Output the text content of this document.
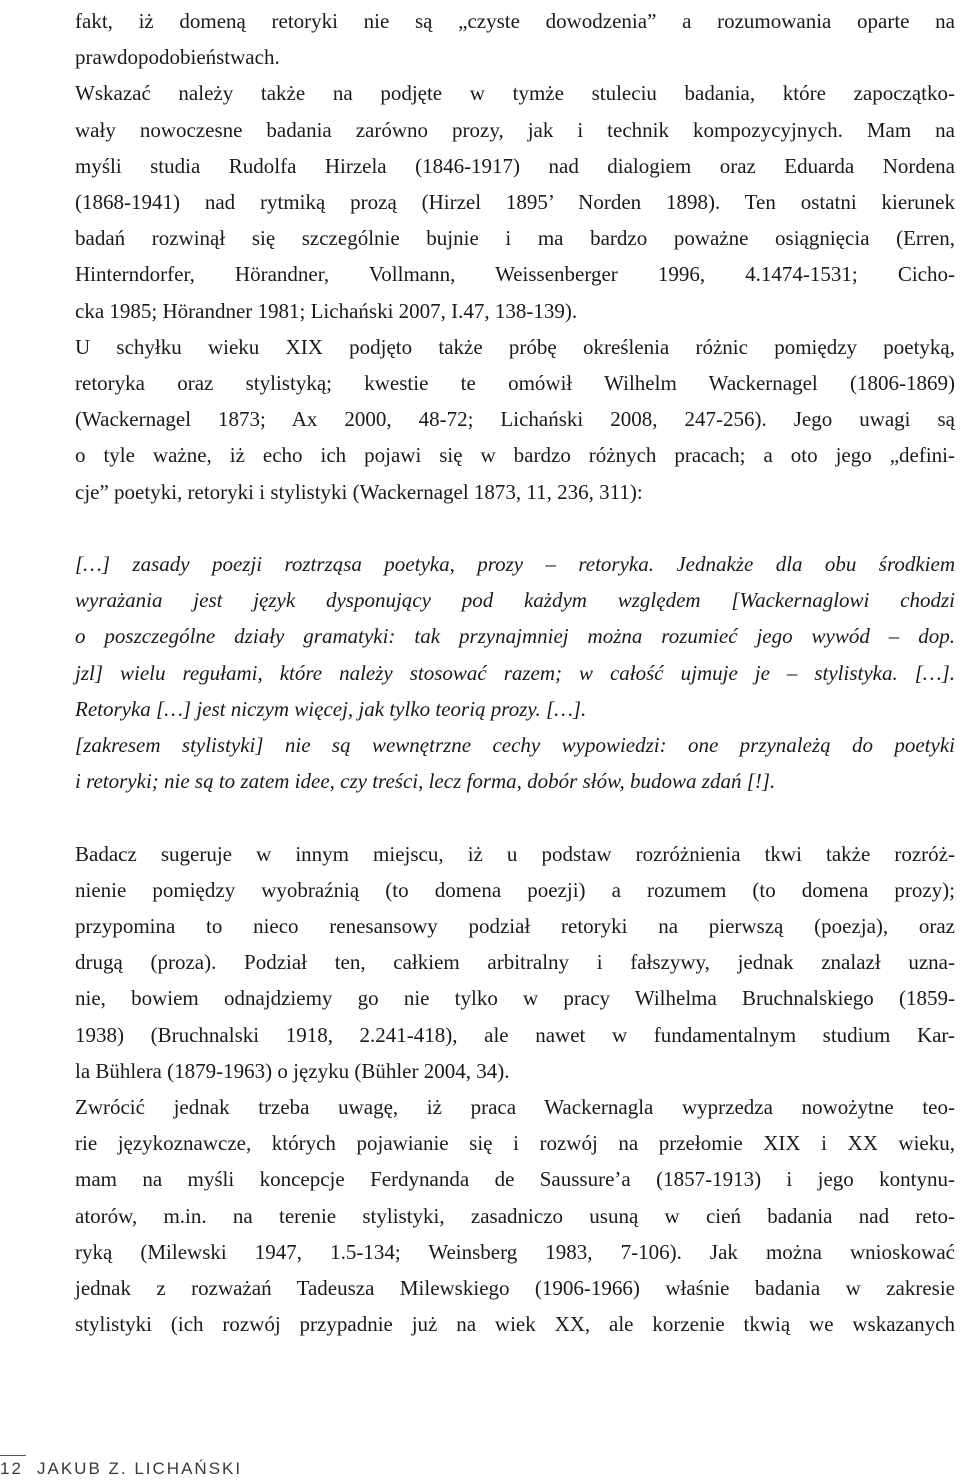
fakt, iż domeną retoryki nie są „czyste dowodzenia” a rozumowania oparte na
prawdopodobieństwach.
Wskazać należy także na podjęte w tymże stuleciu badania, które zapoczątko-
wały nowoczesne badania zarówno prozy, jak i technik kompozycyjnych. Mam na
myśli studia Rudolfa Hirzela (1846-1917) nad dialogiem oraz Eduarda Nordena
(1868-1941) nad rytmiką prozą (Hirzel 1895’ Norden 1898). Ten ostatni kierunek
badań rozwinął się szczególnie bujnie i ma bardzo poważne osiągnięcia (Erren,
Hinterndorfer, Hörandner, Vollmann, Weissenberger 1996, 4.1474-1531; Cicho-
cka 1985; Hörandner 1981; Lichański 2007, I.47, 138-139).
U schyłku wieku XIX podjęto także próbę określenia różnic pomiędzy poetyką,
retoryka oraz stylistyką; kwestie te omówił Wilhelm Wackernagel (1806-1869)
(Wackernagel 1873; Ax 2000, 48-72; Lichański 2008, 247-256). Jego uwagi są
o tyle ważne, iż echo ich pojawi się w bardzo różnych pracach; a oto jego „defini-
cje” poetyki, retoryki i stylistyki (Wackernagel 1873, 11, 236, 311):
[…] zasady poezji roztrząsa poetyka, prozy – retoryka. Jednakże dla obu środkiem
wyrażania jest język dysponujący pod każdym względem [Wackernaglowi chodzi
o poszczególne działy gramatyki: tak przynajmniej można rozumieć jego wywód – dop.
jzl] wielu regułami, które należy stosować razem; w całość ujmuje je – stylistyka. […].
Retoryka […] jest niczym więcej, jak tylko teorią prozy. […].
[zakresem stylistyki] nie są wewnętrzne cechy wypowiedzi: one przynależą do poetyki
i retoryki; nie są to zatem idee, czy treści, lecz forma, dobór słów, budowa zdań [!].
Badacz sugeruje w innym miejscu, iż u podstaw rozróżnienia tkwi także rozróż-
nienie pomiędzy wyobraźnią (to domena poezji) a rozumem (to domena prozy);
przypomina to nieco renesansowy podział retoryki na pierwszą (poezja), oraz
drugą (proza). Podział ten, całkiem arbitralny i fałszywy, jednak znalazł uzna-
nie, bowiem odnajdziemy go nie tylko w pracy Wilhelma Bruchnalskiego (1859-
1938) (Bruchnalski 1918, 2.241-418), ale nawet w fundamentalnym studium Kar-
la Bühlera (1879-1963) o języku (Bühler 2004, 34).
Zwrócić jednak trzeba uwagę, iż praca Wackernagla wyprzedza nowożytne teo-
rie językoznawcze, których pojawianie się i rozwój na przełomie XIX i XX wieku,
mam na myśli koncepcje Ferdynanda de Saussure’a (1857-1913) i jego kontynu-
atorów, m.in. na terenie stylistyki, zasadniczo usuną w cień badania nad reto-
ryką (Milewski 1947, 1.5-134; Weinsberg 1983, 7-106). Jak można wnioskować
jednak z rozważań Tadeusza Milewskiego (1906-1966) właśnie badania w zakresie
stylistyki (ich rozwój przypadnie już na wiek XX, ale korzenie tkwią we wskazanych
12 JAKUB Z. LICHAŃSKI
